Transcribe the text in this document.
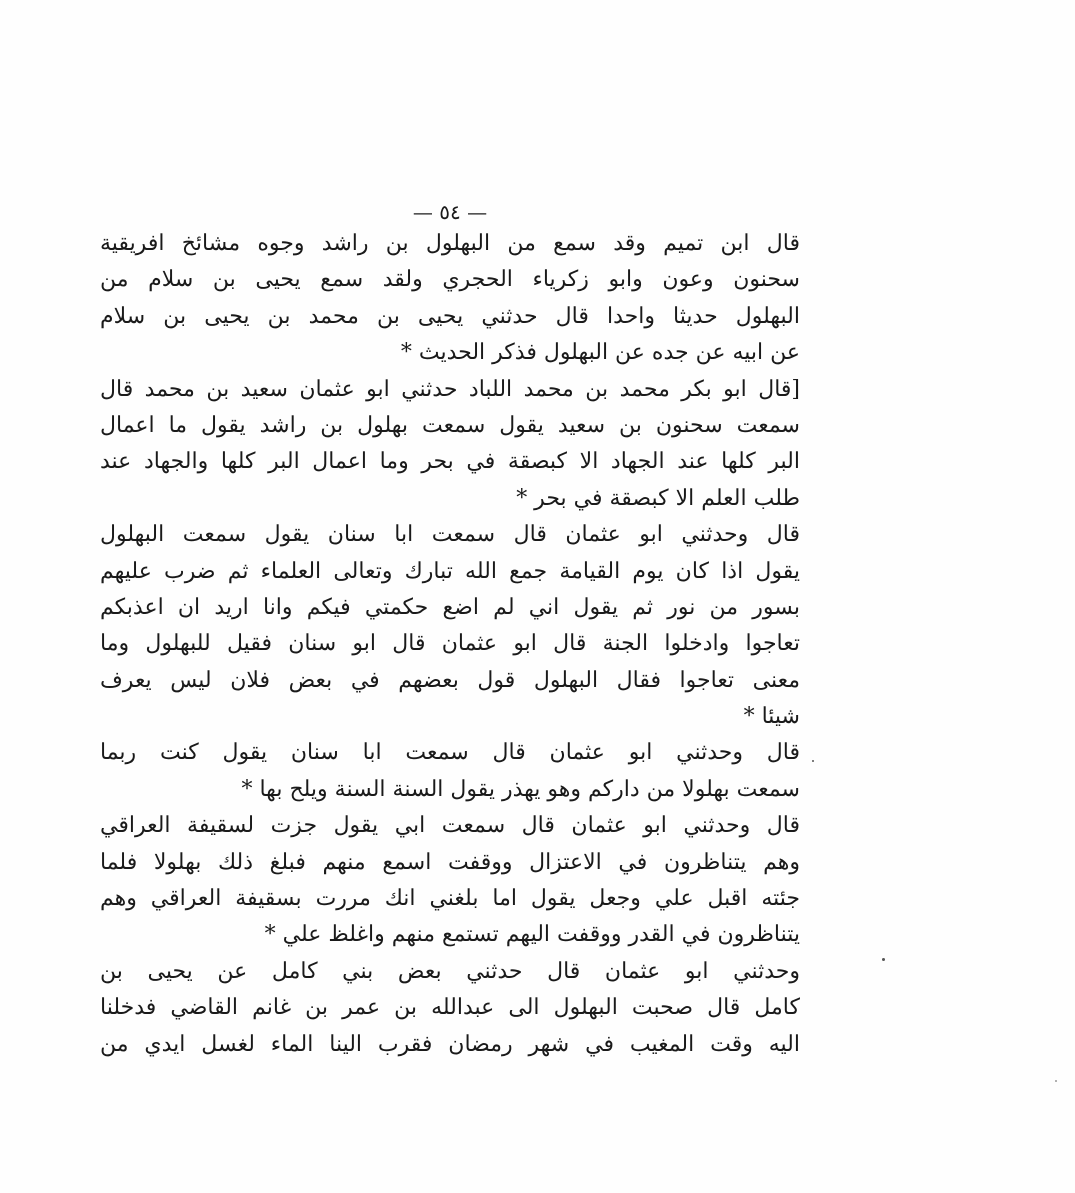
— ٥٤ —
قال ابن تميم وقد سمع من البهلول بن راشد وجوه مشائخ افريقية
سحنون وعون وابو زكرياء الحجري ولقد سمع يحيى بن سلام من
البهلول حديثا واحدا قال حدثني يحيى بن محمد بن يحيى بن سلام
عن ابيه عن جده عن البهلول فذكر الحديث *
[قال ابو بكر محمد بن محمد اللباد حدثني ابو عثمان سعيد بن محمد قال
سمعت سحنون بن سعيد يقول سمعت بهلول بن راشد يقول ما اعمال
البر كلها عند الجهاد الا كبصقة في بحر وما اعمال البر كلها والجهاد عند
طلب العلم الا كبصقة في بحر *
قال وحدثني ابو عثمان قال سمعت ابا سنان يقول سمعت البهلول
يقول اذا كان يوم القيامة جمع الله تبارك وتعالى العلماء ثم ضرب عليهم
بسور من نور ثم يقول اني لم اضع حكمتي فيكم وانا اريد ان اعذبكم
تعاجوا وادخلوا الجنة قال ابو عثمان قال ابو سنان فقيل للبهلول وما
معنى تعاجوا فقال البهلول قول بعضهم في بعض فلان ليس يعرف
شيئا *
قال وحدثني ابو عثمان قال سمعت ابا سنان يقول كنت ربما
سمعت بهلولا من داركم وهو يهذر يقول السنة السنة ويلح بها *
قال وحدثني ابو عثمان قال سمعت ابي يقول جزت لسقيفة العراقي
وهم يتناظرون في الاعتزال ووقفت اسمع منهم فبلغ ذلك بهلولا فلما
جئته اقبل علي وجعل يقول اما بلغني انك مررت بسقيفة العراقي وهم
يتناظرون في القدر ووقفت اليهم تستمع منهم واغلظ علي *
وحدثني ابو عثمان قال حدثني بعض بني كامل عن يحيى بن
كامل قال صحبت البهلول الى عبدالله بن عمر بن غانم القاضي فدخلنا
اليه وقت المغيب في شهر رمضان فقرب الينا الماء لغسل ايدي من
